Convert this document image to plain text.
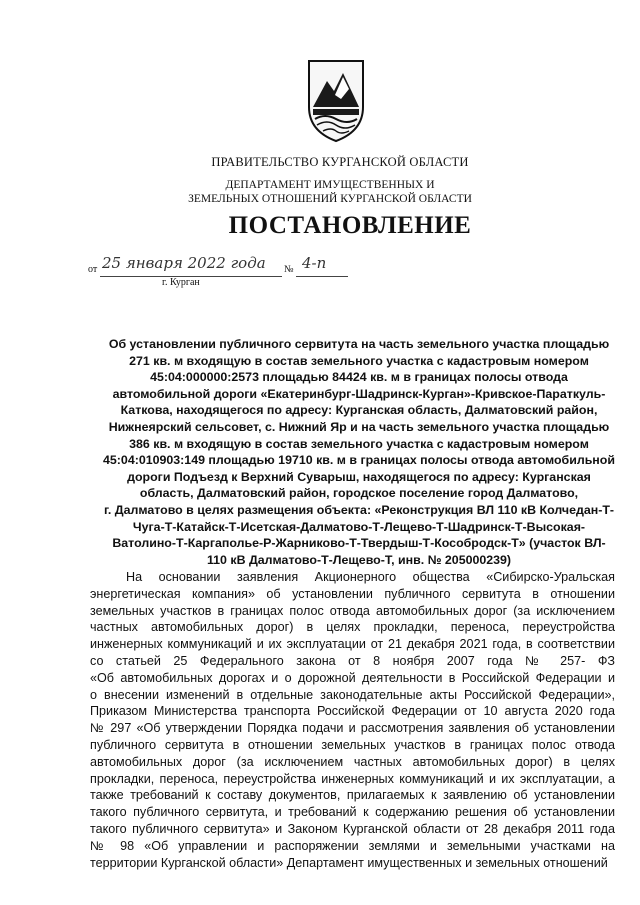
ПРАВИТЕЛЬСТВО КУРГАНСКОЙ ОБЛАСТИ
ДЕПАРТАМЕНТ ИМУЩЕСТВЕННЫХ И
ЗЕМЕЛЬНЫХ ОТНОШЕНИЙ КУРГАНСКОЙ ОБЛАСТИ
ПОСТАНОВЛЕНИЕ
от 25 января 2022 года № 4-п
г. Курган
Об установлении публичного сервитута на часть земельного участка площадью
271 кв. м входящую в состав земельного участка с кадастровым номером
45:04:000000:2573 площадью 84424 кв. м в границах полосы отвода
автомобильной дороги «Екатеринбург-Шадринск-Курган»-Кривское-Параткуль-
Каткова, находящегося по адресу: Курганская область, Далматовский район,
Нижнеярский сельсовет, с. Нижний Яр и на часть земельного участка площадью
386 кв. м входящую в состав земельного участка с кадастровым номером
45:04:010903:149 площадью 19710 кв. м в границах полосы отвода автомобильной
дороги Подъезд к Верхний Суварыш, находящегося по адресу: Курганская
область, Далматовский район, городское поселение город Далматово,
г. Далматово в целях размещения объекта: «Реконструкция ВЛ 110 кВ Колчедан-Т-
Чуга-Т-Катайск-Т-Исетская-Далматово-Т-Лещево-Т-Шадринск-Т-Высокая-
Ватолино-Т-Каргаполье-Р-Жарниково-Т-Твердыш-Т-Кособродск-Т» (участок ВЛ-
110 кВ Далматово-Т-Лещево-Т, инв. № 205000239)
На основании заявления Акционерного общества «Сибирско-Уральская
энергетическая компания» об установлении публичного сервитута в отношении
земельных участков в границах полос отвода автомобильных дорог (за исключением
частных автомобильных дорог) в целях прокладки, переноса, переустройства
инженерных коммуникаций и их эксплуатации от 21 декабря 2021 года, в соответствии
со статьей 25 Федерального закона от 8 ноября 2007 года № 257- ФЗ
«Об автомобильных дорогах и о дорожной деятельности в Российской Федерации и
о внесении изменений в отдельные законодательные акты Российской Федерации»,
Приказом Министерства транспорта Российской Федерации от 10 августа 2020 года
№ 297 «Об утверждении Порядка подачи и рассмотрения заявления об установлении
публичного сервитута в отношении земельных участков в границах полос отвода
автомобильных дорог (за исключением частных автомобильных дорог) в целях
прокладки, переноса, переустройства инженерных коммуникаций и их эксплуатации, а
также требований к составу документов, прилагаемых к заявлению об установлении
такого публичного сервитута, и требований к содержанию решения об установлении
такого публичного сервитута» и Законом Курганской области от 28 декабря 2011 года
№ 98 «Об управлении и распоряжении землями и земельными участками на
территории Курганской области» Департамент имущественных и земельных отношений
